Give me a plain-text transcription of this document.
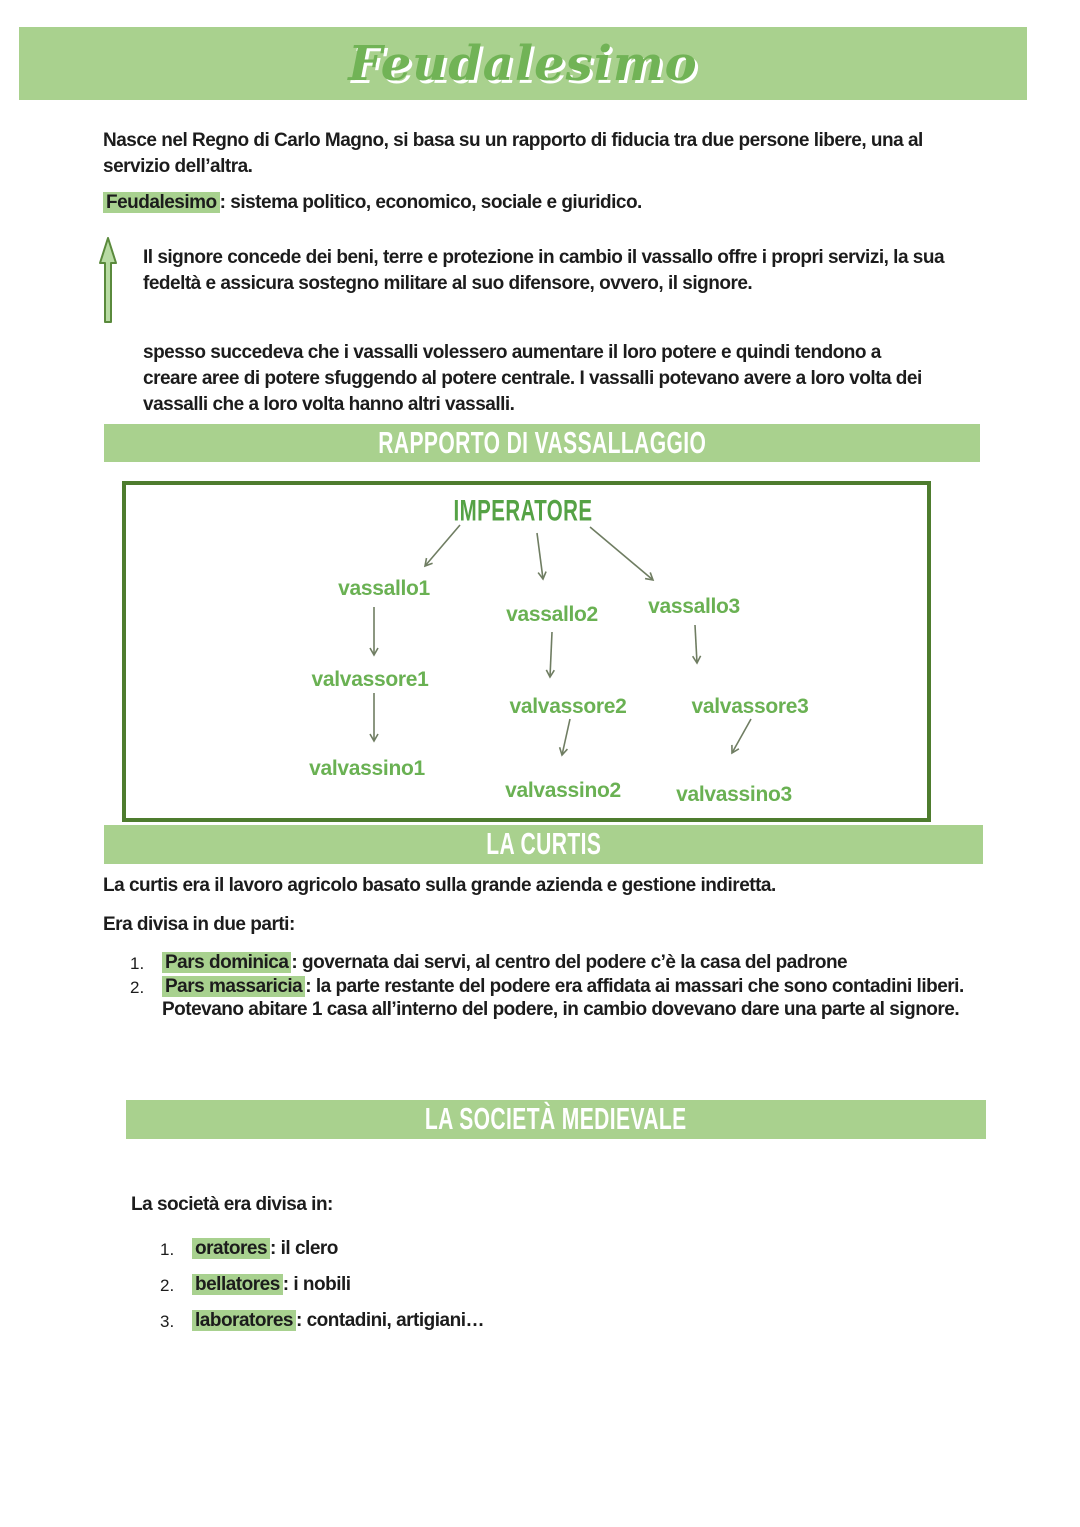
Feudalesimo

Nasce nel Regno di Carlo Magno, si basa su un rapporto di fiducia tra due persone libere, una al servizio dell’altra.

Feudalesimo : sistema politico, economico, sociale e giuridico.

Il signore concede dei beni, terre e protezione in cambio il vassallo offre i propri servizi, la sua fedeltà e assicura sostegno militare al suo difensore, ovvero, il signore.

spesso succedeva che i vassalli volessero aumentare il loro potere e quindi tendono a creare aree di potere sfuggendo al potere centrale. I vassalli potevano avere a loro volta dei vassalli che a loro volta hanno altri vassalli.

RAPPORTO DI VASSALLAGGIO
IMPERATORE
vassallo1
vassallo2 vassallo3
valvassore1
valvassore2	valvassore3
valvassino1
valvassino2	valvassino3
LA CURTIS

La curtis era il lavoro agricolo basato sulla grande azienda e gestione indiretta.

Era divisa in due parti:

1.	Pars dominica : governata dai servi, al centro del podere c’è la casa del padrone
2.	Pars massaricia : la parte restante del podere era affidata ai massari che sono contadini liberi. Potevano abitare 1 casa all’interno del podere, in cambio dovevano dare una parte al signore.
LA SOCIETÀ MEDIEVALE

La società era divisa in:

1.	oratores : il clero
2.	bellatores : i nobili
3.	laboratores : contadini, artigiani…
